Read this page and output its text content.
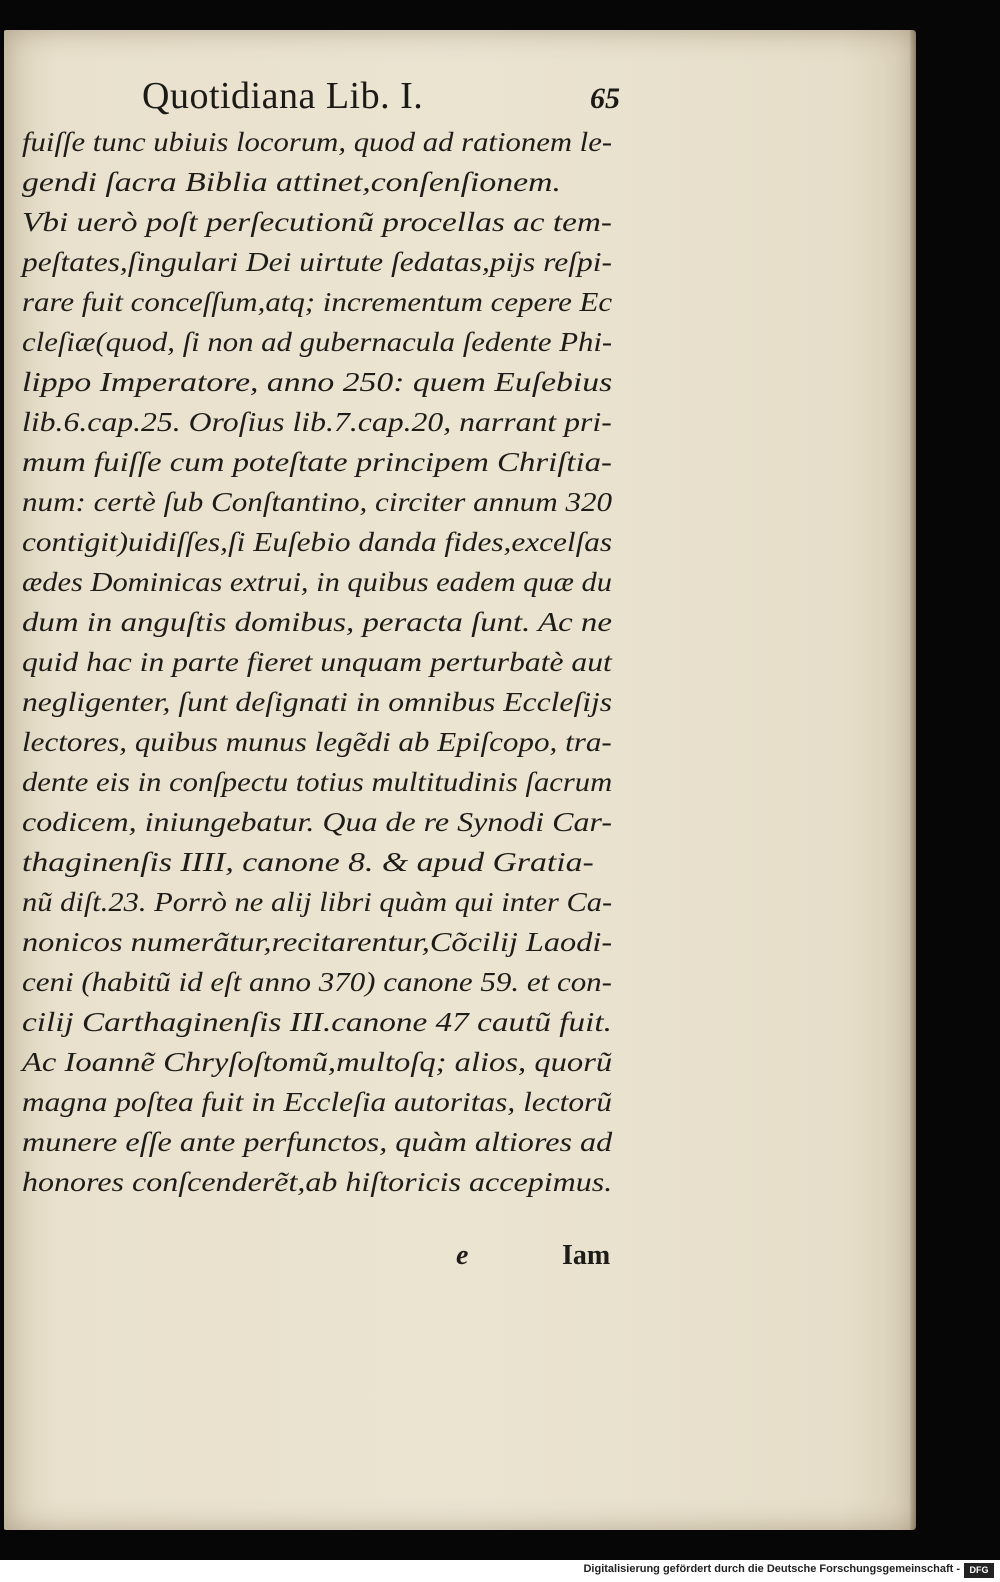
Quotidiana Lib. I.	65
fuiſſe tunc ubiuis locorum, quod ad rationem le-
gendi ſacra Biblia attinet,conſenſionem.
Vbi uerò poſt perſecutionũ procellas ac tem-
peſtates,ſingulari Dei uirtute ſedatas,pijs reſpi-
rare fuit conceſſum,atq; incrementum cepere Ec
cleſiæ(quod, ſi non ad gubernacula ſedente Phi-
lippo Imperatore, anno 250: quem Euſebius
lib.6.cap.25. Oroſius lib.7.cap.20, narrant pri-
mum fuiſſe cum poteſtate principem Chriſtia-
num: certè ſub Conſtantino, circiter annum 320
contigit)uidiſſes,ſi Euſebio danda fides,excelſas
ædes Dominicas extrui, in quibus eadem quæ du
dum in anguſtis domibus, peracta ſunt. Ac ne
quid hac in parte fieret unquam perturbatè aut
negligenter, ſunt deſignati in omnibus Eccleſijs
lectores, quibus munus legẽdi ab Epiſcopo, tra-
dente eis in conſpectu totius multitudinis ſacrum
codicem, iniungebatur. Qua de re Synodi Car-
thaginenſis IIII, canone 8. & apud Gratia-
nũ diſt.23. Porrò ne alij libri quàm qui inter Ca-
nonicos numerãtur,recitarentur,Cõcilij Laodi-
ceni (habitũ id eſt anno 370) canone 59. et con-
cilij Carthaginenſis III.canone 47 cautũ fuit.
Ac Ioannẽ Chryſoſtomũ,multoſq; alios, quorũ
magna poſtea fuit in Eccleſia autoritas, lectorũ
munere eſſe ante perfunctos, quàm altiores ad
honores conſcenderẽt,ab hiſtoricis accepimus.
e	Iam
Digitalisierung gefördert durch die Deutsche Forschungsgemeinschaft -	DFG
